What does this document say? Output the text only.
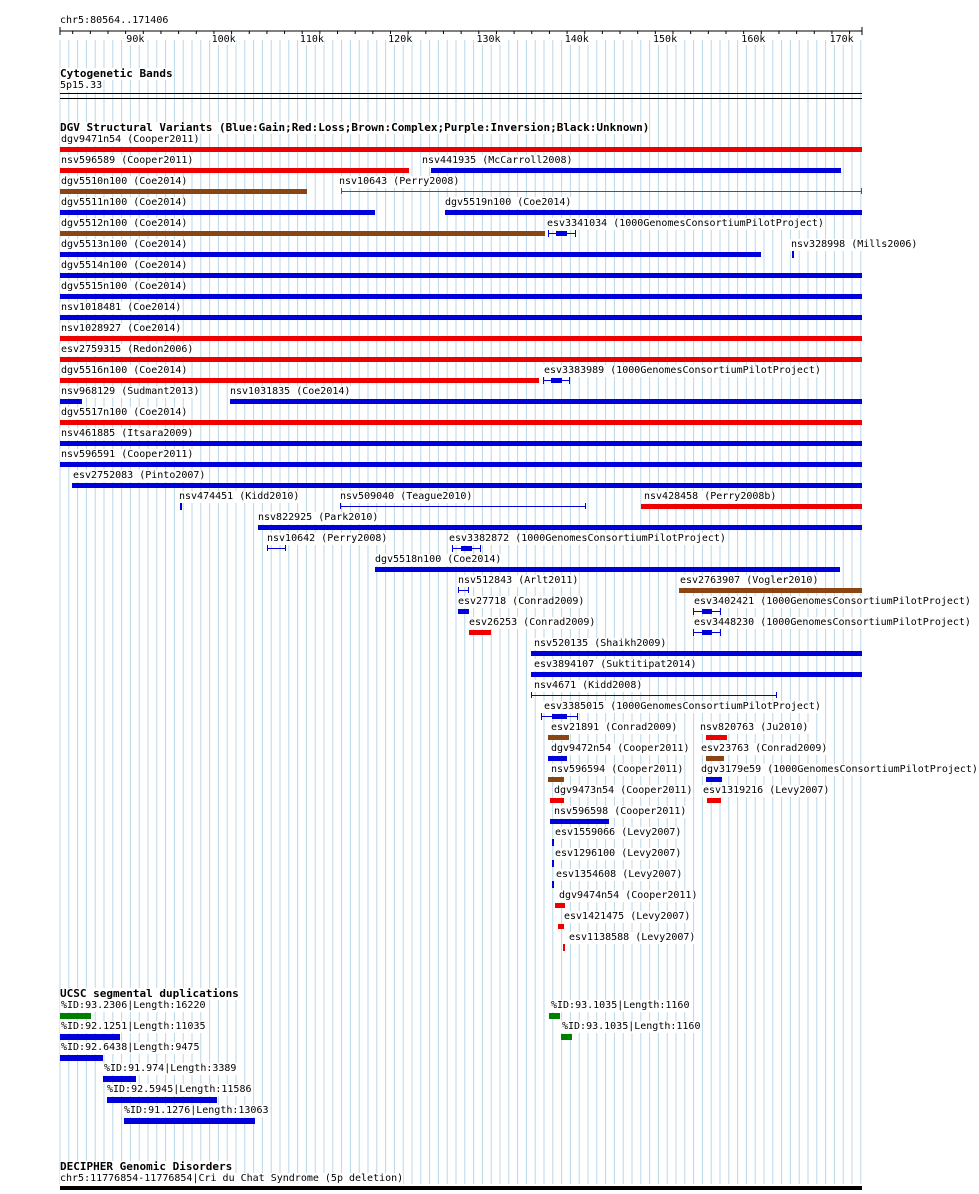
chr5:80564..171406
Cytogenetic Bands
5p15.33
DGV Structural Variants (Blue:Gain;Red:Loss;Brown:Complex;Purple:Inversion;Black:Unknown)
dgv9471n54 (Cooper2011)
nsv596589 (Cooper2011)	nsv441935 (McCarroll2008)
dgv5510n100 (Coe2014)	nsv10643 (Perry2008)
dgv5511n100 (Coe2014)	dgv5519n100 (Coe2014)
dgv5512n100 (Coe2014)	esv3341034 (1000GenomesConsortiumPilotProject)
dgv5513n100 (Coe2014)	nsv328998 (Mills2006)
dgv5514n100 (Coe2014)
dgv5515n100 (Coe2014)
nsv1018481 (Coe2014)
nsv1028927 (Coe2014)
esv2759315 (Redon2006)
dgv5516n100 (Coe2014)	esv3383989 (1000GenomesConsortiumPilotProject)
nsv968129 (Sudmant2013)	nsv1031835 (Coe2014)
dgv5517n100 (Coe2014)
nsv461885 (Itsara2009)
nsv596591 (Cooper2011)
esv2752083 (Pinto2007)
nsv474451 (Kidd2010)	nsv509040 (Teague2010)	nsv428458 (Perry2008b)
nsv822925 (Park2010)
nsv10642 (Perry2008)	esv3382872 (1000GenomesConsortiumPilotProject)
dgv5518n100 (Coe2014)
nsv512843 (Arlt2011)	esv2763907 (Vogler2010)
esv27718 (Conrad2009)	esv3402421 (1000GenomesConsortiumPilotProject)
esv26253 (Conrad2009)	esv3448230 (1000GenomesConsortiumPilotProject)
nsv520135 (Shaikh2009)
esv3894107 (Suktitipat2014)
nsv4671 (Kidd2008)
esv3385015 (1000GenomesConsortiumPilotProject)
esv21891 (Conrad2009) nsv820763 (Ju2010)
dgv9472n54 (Cooper2011) esv23763 (Conrad2009)
nsv596594 (Cooper2011) dgv3179e59 (1000GenomesConsortiumPilotProject)
dgv9473n54 (Cooper2011) esv1319216 (Levy2007)
nsv596598 (Cooper2011)
esv1559066 (Levy2007)
esv1296100 (Levy2007)
esv1354608 (Levy2007)
dgv9474n54 (Cooper2011)
esv1421475 (Levy2007)
esv1138588 (Levy2007)
UCSC segmental duplications
%ID:93.2306|Length:16220	%ID:93.1035|Length:1160
%ID:92.1251|Length:11035	%ID:93.1035|Length:1160
%ID:92.6438|Length:9475
%ID:91.974|Length:3389
%ID:92.5945|Length:11586
%ID:91.1276|Length:13063
DECIPHER Genomic Disorders
chr5:11776854-11776854|Cri du Chat Syndrome (5p deletion)
90k	100k	110k	120k	130k	140k	150k	160k	170k
